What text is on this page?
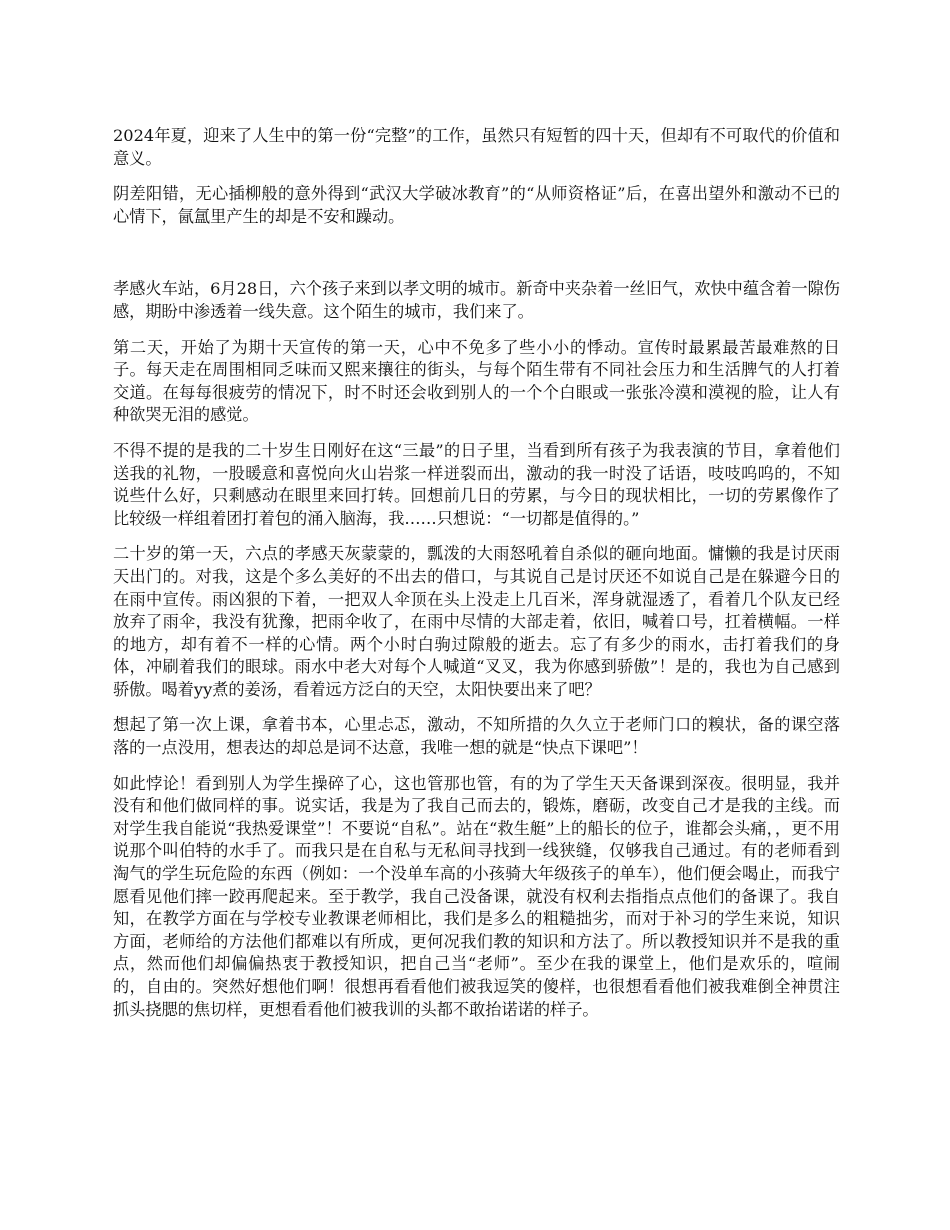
2024年夏，迎来了人生中的第一份“完整”的工作，虽然只有短暂的四十天，但却有不可取代的价值和意义。

阴差阳错，无心插柳般的意外得到“武汉大学破冰教育”的“从师资格证”后，在喜出望外和激动不已的心情下，氤氲里产生的却是不安和躁动。

孝感火车站，6月28日，六个孩子来到以孝文明的城市。新奇中夹杂着一丝旧气，欢快中蕴含着一隙伤感，期盼中渗透着一线失意。这个陌生的城市，我们来了。

第二天，开始了为期十天宣传的第一天，心中不免多了些小小的悸动。宣传时最累最苦最难熬的日子。每天走在周围相同乏味而又熙来攘往的街头，与每个陌生带有不同社会压力和生活脾气的人打着交道。在每每很疲劳的情况下，时不时还会收到别人的一个个白眼或一张张冷漠和漠视的脸，让人有种欲哭无泪的感觉。

不得不提的是我的二十岁生日刚好在这“三最”的日子里，当看到所有孩子为我表演的节目，拿着他们送我的礼物，一股暖意和喜悦向火山岩浆一样迸裂而出，激动的我一时没了话语，吱吱呜呜的，不知说些什么好，只剩感动在眼里来回打转。回想前几日的劳累，与今日的现状相比，一切的劳累像作了比较级一样组着团打着包的涌入脑海，我……只想说：“一切都是值得的。”

二十岁的第一天，六点的孝感天灰蒙蒙的，瓢泼的大雨怒吼着自杀似的砸向地面。慵懒的我是讨厌雨天出门的。对我，这是个多么美好的不出去的借口，与其说自己是讨厌还不如说自己是在躲避今日的在雨中宣传。雨凶狠的下着，一把双人伞顶在头上没走上几百米，浑身就湿透了，看着几个队友已经放弃了雨伞，我没有犹豫，把雨伞收了，在雨中尽情的大部走着，依旧，喊着口号，扛着横幅。一样的地方，却有着不一样的心情。两个小时白驹过隙般的逝去。忘了有多少的雨水，击打着我们的身体，冲刷着我们的眼球。雨水中老大对每个人喊道“叉叉，我为你感到骄傲”！是的，我也为自己感到骄傲。喝着yy煮的姜汤，看着远方泛白的天空，太阳快要出来了吧？

想起了第一次上课，拿着书本，心里忐忑，激动，不知所措的久久立于老师门口的糗状，备的课空落落的一点没用，想表达的却总是词不达意，我唯一想的就是“快点下课吧”！

如此悖论！看到别人为学生操碎了心，这也管那也管，有的为了学生天天备课到深夜。很明显，我并没有和他们做同样的事。说实话，我是为了我自己而去的，锻炼，磨砺，改变自己才是我的主线。而对学生我自能说“我热爱课堂”！不要说“自私”。站在“救生艇”上的船长的位子，谁都会头痛，，更不用说那个叫伯特的水手了。而我只是在自私与无私间寻找到一线狭缝，仅够我自己通过。有的老师看到淘气的学生玩危险的东西（例如：一个没单车高的小孩骑大年级孩子的单车），他们便会喝止，而我宁愿看见他们摔一跤再爬起来。至于教学，我自己没备课，就没有权利去指指点点他们的备课了。我自知，在教学方面在与学校专业教课老师相比，我们是多么的粗糙拙劣，而对于补习的学生来说，知识方面，老师给的方法他们都难以有所成，更何况我们教的知识和方法了。所以教授知识并不是我的重点，然而他们却偏偏热衷于教授知识，把自己当“老师”。至少在我的课堂上，他们是欢乐的，喧闹的，自由的。突然好想他们啊！很想再看看他们被我逗笑的傻样，也很想看看他们被我难倒全神贯注抓头挠腮的焦切样，更想看看他们被我训的头都不敢抬诺诺的样子。
